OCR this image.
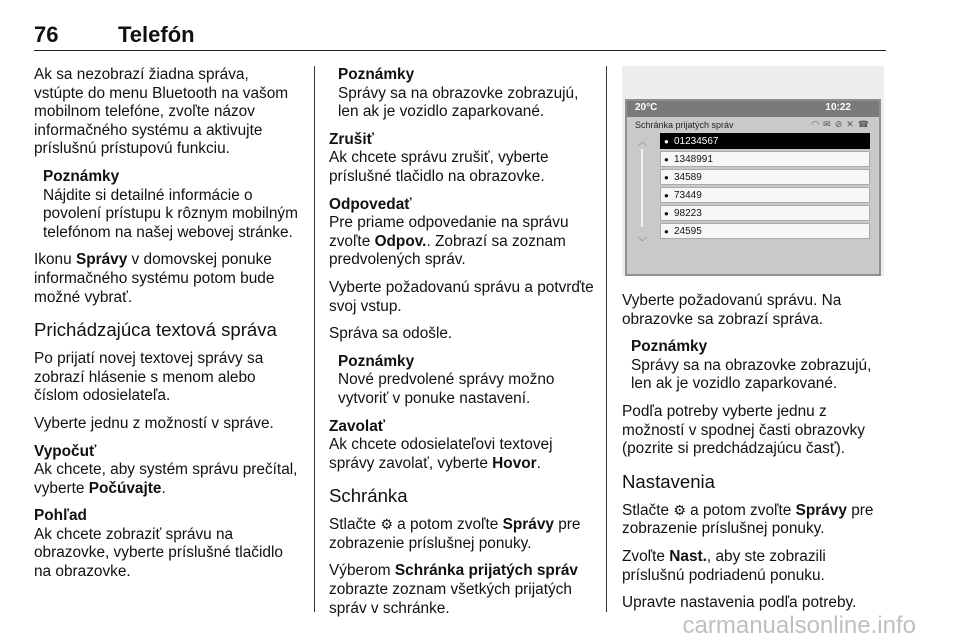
76	Telefón

Ak sa nezobrazí žiadna správa, vstúpte do menu Bluetooth na vašom mobilnom telefóne, zvoľte názov informačného systému a aktivujte príslušnú prístupovú funkciu.

Poznámky
Nájdite si detailné informácie o povolení prístupu k rôznym mobilným telefónom na našej webovej stránke.

Ikonu Správy v domovskej ponuke informačného systému potom bude možné vybrať.

Prichádzajúca textová správa

Po prijatí novej textovej správy sa zobrazí hlásenie s menom alebo číslom odosielateľa.

Vyberte jednu z možností v správe.

Vypočuť
Ak chcete, aby systém správu prečítal, vyberte Počúvajte.

Pohľad
Ak chcete zobraziť správu na obrazovke, vyberte príslušné tlačidlo na obrazovke.

Poznámky
Správy sa na obrazovke zobrazujú, len ak je vozidlo zaparkované.

Zrušiť
Ak chcete správu zrušiť, vyberte príslušné tlačidlo na obrazovke.

Odpovedať
Pre priame odpovedanie na správu zvoľte Odpov.. Zobrazí sa zoznam predvolených správ.

Vyberte požadovanú správu a potvrďte svoj vstup.

Správa sa odošle.

Poznámky
Nové predvolené správy možno vytvoriť v ponuke nastavení.

Zavolať
Ak chcete odosielateľovi textovej správy zavolať, vyberte Hovor.

Schránka

Stlačte ⚙ a potom zvoľte Správy pre zobrazenie príslušnej ponuky.

Výberom Schránka prijatých správ zobrazte zoznam všetkých prijatých správ v schránke.

20°C	10:22
Schránka prijatých správ	◠✉⊘✕☎
︿
﹀
● 01234567
● 1348991
● 34589
● 73449
● 98223
● 24595

Vyberte požadovanú správu. Na obrazovke sa zobrazí správa.

Poznámky
Správy sa na obrazovke zobrazujú, len ak je vozidlo zaparkované.

Podľa potreby vyberte jednu z možností v spodnej časti obrazovky (pozrite si predchádzajúcu časť).

Nastavenia

Stlačte ⚙ a potom zvoľte Správy pre zobrazenie príslušnej ponuky.

Zvoľte Nast., aby ste zobrazili príslušnú podriadenú ponuku.

Upravte nastavenia podľa potreby.

carmanualsonline.info
